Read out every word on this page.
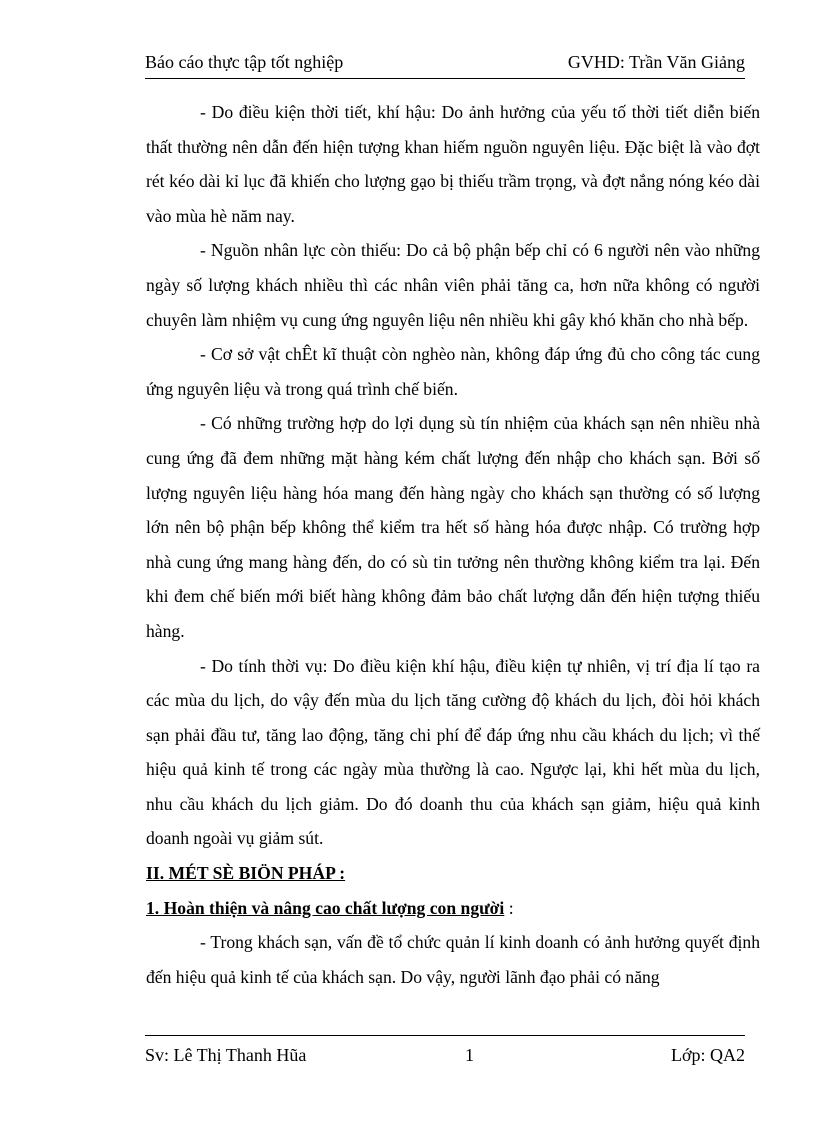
Báo cáo thực tập tốt nghiệp	GVHD: Trần Văn Giảng

- Do điều kiện thời tiết, khí hậu: Do ảnh hưởng của yếu tố thời tiết diễn biến thất thường nên dẫn đến hiện tượng khan hiếm nguồn nguyên liệu. Đặc biệt là vào đợt rét kéo dài kỉ lục đã khiến cho lượng gạo bị thiếu trầm trọng, và đợt nắng nóng kéo dài vào mùa hè năm nay.

- Nguồn nhân lực còn thiếu: Do cả bộ phận bếp chỉ có 6 người nên vào những ngày số lượng khách nhiều thì các nhân viên phải tăng ca, hơn nữa không có người chuyên làm nhiệm vụ cung ứng nguyên liệu nên nhiều khi gây khó khăn cho nhà bếp.

- Cơ sở vật chÊt kĩ thuật còn nghèo nàn, không đáp ứng đủ cho công tác cung ứng nguyên liệu và trong quá trình chế biến.

- Có những trường hợp do lợi dụng sù tín nhiệm của khách sạn nên nhiều nhà cung ứng đã đem những mặt hàng kém chất lượng đến nhập cho khách sạn. Bởi số lượng nguyên liệu hàng hóa mang đến hàng ngày cho khách sạn thường có số lượng lớn nên bộ phận bếp không thể kiểm tra hết số hàng hóa được nhập. Có trường hợp nhà cung ứng mang hàng đến, do có sù tin tưởng nên thường không kiểm tra lại. Đến khi đem chế biến mới biết hàng không đảm bảo chất lượng dẫn đến hiện tượng thiếu hàng.

- Do tính thời vụ: Do điều kiện khí hậu, điều kiện tự nhiên, vị trí địa lí tạo ra các mùa du lịch, do vậy đến mùa du lịch tăng cường độ khách du lịch, đòi hỏi khách sạn phải đầu tư, tăng lao động, tăng chi phí để đáp ứng nhu cầu khách du lịch; vì thế hiệu quả kinh tế trong các ngày mùa thường là cao. Ngược lại, khi hết mùa du lịch, nhu cầu khách du lịch giảm. Do đó doanh thu của khách sạn giảm, hiệu quả kinh doanh ngoài vụ giảm sút.

II. MÉT SÈ BIÖN PHÁP :

1. Hoàn thiện và nâng cao chất lượng con người :

- Trong khách sạn, vấn đề tổ chức quản lí kinh doanh có ảnh hưởng quyết định đến hiệu quả kinh tế của khách sạn. Do vậy, người lãnh đạo phải có năng

Sv: Lê Thị Thanh Hũa	1	Lớp: QA2
